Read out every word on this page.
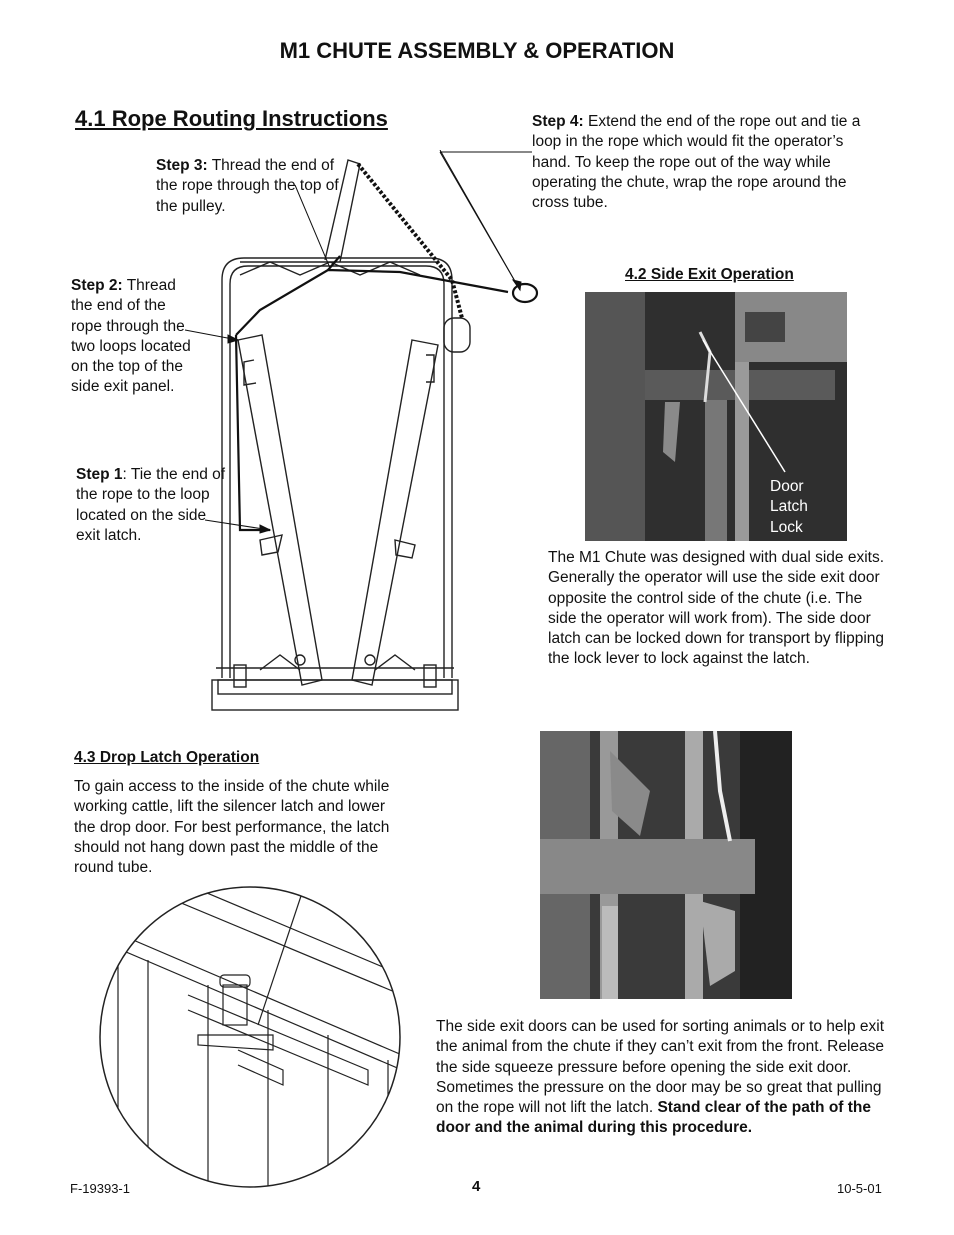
M1 CHUTE ASSEMBLY & OPERATION
4.1 Rope Routing Instructions	Step 4: Extend the end of the rope out and tie a loop in the rope which would fit the operator’s hand. To keep the rope out of the way while operating the chute, wrap the rope around the cross tube.
Step 3: Thread the end of the rope through the top of the pulley.
Step 2: Thread the end of the rope through the two loops located on the top of the side exit panel.
Step 1: Tie the end of the rope to the loop located on the side exit latch.
4.2 Side Exit Operation
Door
Latch
Lock
The M1 Chute was designed with dual side exits. Generally the operator will use the side exit door opposite the control side of the chute (i.e. The side the operator will work from). The side door latch can be locked down for transport by flipping the lock lever to lock against the latch.
4.3 Drop Latch Operation
To gain access to the inside of the chute while working cattle, lift the silencer latch and lower the drop door. For best performance, the latch should not hang down past the middle of the round tube.
The side exit doors can be used for sorting animals or to help exit the animal from the chute if they can’t exit from the front. Release the side squeeze pressure before opening the side exit door. Sometimes the pressure on the door may be so great that pulling on the rope will not lift the latch. Stand clear of the path of the door and the animal during this procedure.
F-19393-1	4	10-5-01
